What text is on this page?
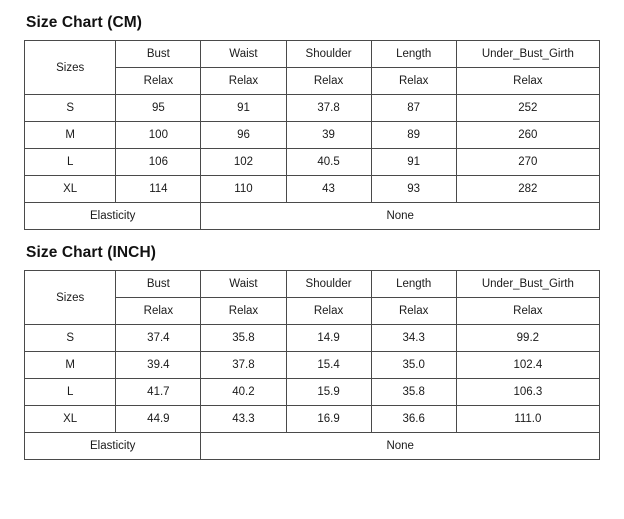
Size Chart (CM)
Sizes	Bust	Waist	Shoulder	Length	Under_Bust_Girth
	Relax	Relax	Relax	Relax	Relax
S	95	91	37.8	87	252
M	100	96	39	89	260
L	106	102	40.5	91	270
XL	114	110	43	93	282
Elasticity		None			
Size Chart (INCH)
Sizes	Bust	Waist	Shoulder	Length	Under_Bust_Girth
	Relax	Relax	Relax	Relax	Relax
S	37.4	35.8	14.9	34.3	99.2
M	39.4	37.8	15.4	35.0	102.4
L	41.7	40.2	15.9	35.8	106.3
XL	44.9	43.3	16.9	36.6	111.0
Elasticity		None			
